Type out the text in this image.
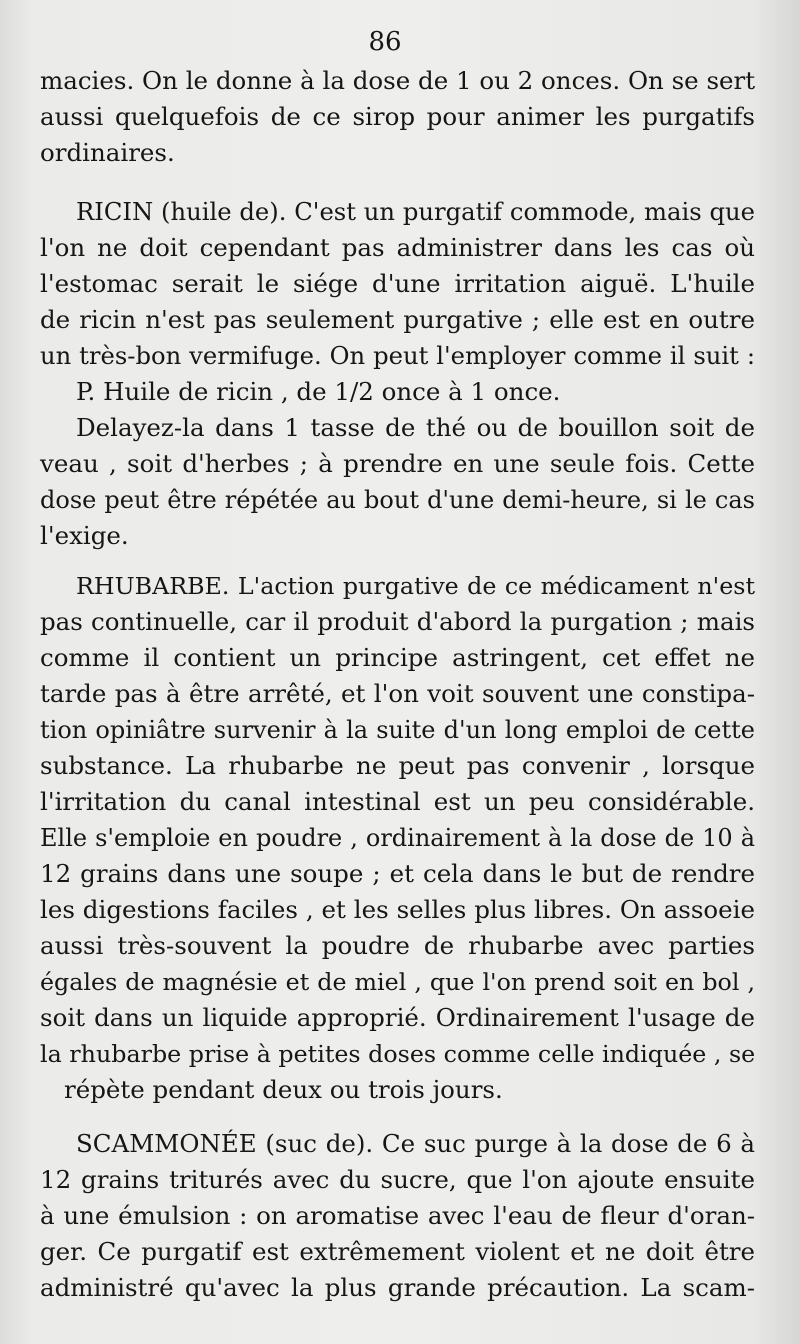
86
macies. On le donne à la dose de 1 ou 2 onces. On se sert
aussi quelquefois de ce sirop pour animer les purgatifs
ordinaires.
RICIN (huile de). C'est un purgatif commode, mais que
l'on ne doit cependant pas administrer dans les cas où
l'estomac serait le siége d'une irritation aiguë. L'huile
de ricin n'est pas seulement purgative ; elle est en outre
un très-bon vermifuge. On peut l'employer comme il suit :
P. Huile de ricin , de 1/2 once à 1 once.
Delayez-la dans 1 tasse de thé ou de bouillon soit de
veau , soit d'herbes ; à prendre en une seule fois. Cette
dose peut être répétée au bout d'une demi-heure, si le cas
l'exige.
RHUBARBE. L'action purgative de ce médicament n'est
pas continuelle, car il produit d'abord la purgation ; mais
comme il contient un principe astringent, cet effet ne
tarde pas à être arrêté, et l'on voit souvent une constipa-
tion opiniâtre survenir à la suite d'un long emploi de cette
substance. La rhubarbe ne peut pas convenir , lorsque
l'irritation du canal intestinal est un peu considérable.
Elle s'emploie en poudre , ordinairement à la dose de 10 à
12 grains dans une soupe ; et cela dans le but de rendre
les digestions faciles , et les selles plus libres. On assoeie
aussi très-souvent la poudre de rhubarbe avec parties
égales de magnésie et de miel , que l'on prend soit en bol ,
soit dans un liquide approprié. Ordinairement l'usage de
la rhubarbe prise à petites doses comme celle indiquée , se
répète pendant deux ou trois jours.
SCAMMONÉE (suc de). Ce suc purge à la dose de 6 à
12 grains triturés avec du sucre, que l'on ajoute ensuite
à une émulsion : on aromatise avec l'eau de fleur d'oran-
ger. Ce purgatif est extrêmement violent et ne doit être
administré qu'avec la plus grande précaution. La scam-
